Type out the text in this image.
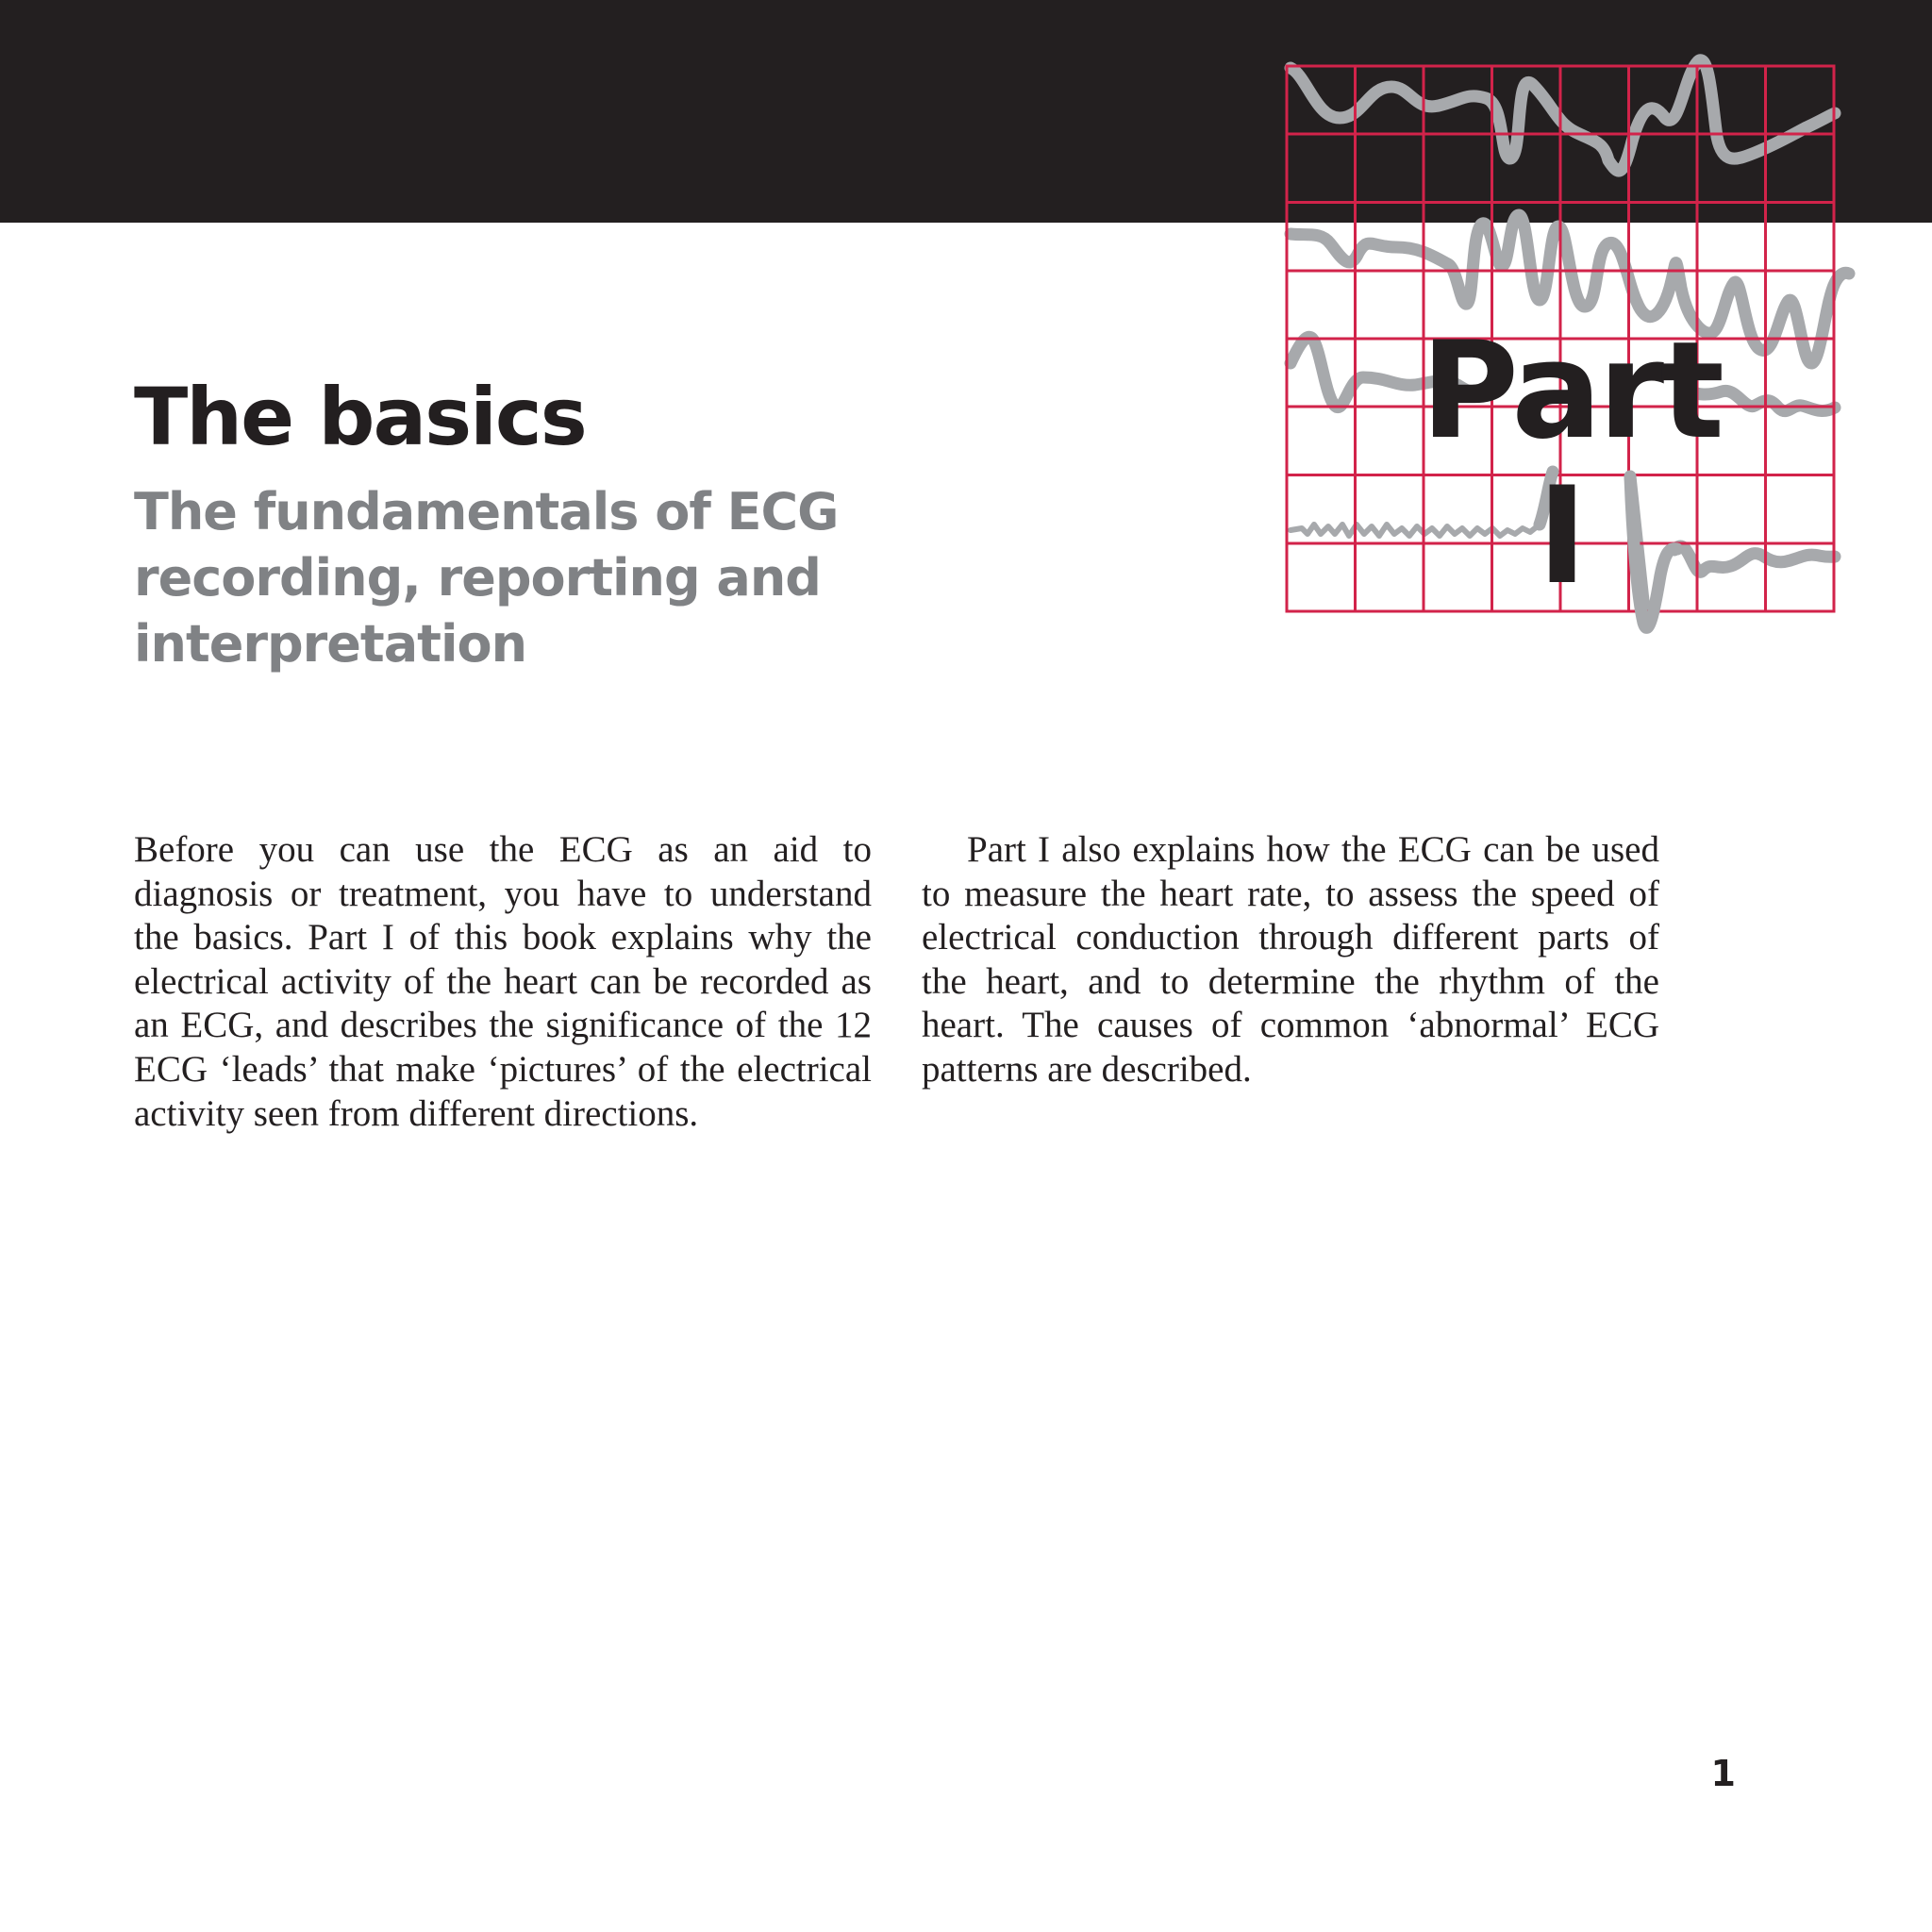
Part
I
The basics
The fundamentals of ECG recording, reporting and interpretation

Before you can use the ECG as an aid to diagnosis or treatment, you have to understand the basics. Part I of this book explains why the electrical activity of the heart can be recorded as an ECG, and describes the significance of the 12 ECG ‘leads’ that make ‘pictures’ of the electrical activity seen from different directions.

Part I also explains how the ECG can be used to measure the heart rate, to assess the speed of electrical conduction through different parts of the heart, and to determine the rhythm of the heart. The causes of common ‘abnormal’ ECG patterns are described.

1
